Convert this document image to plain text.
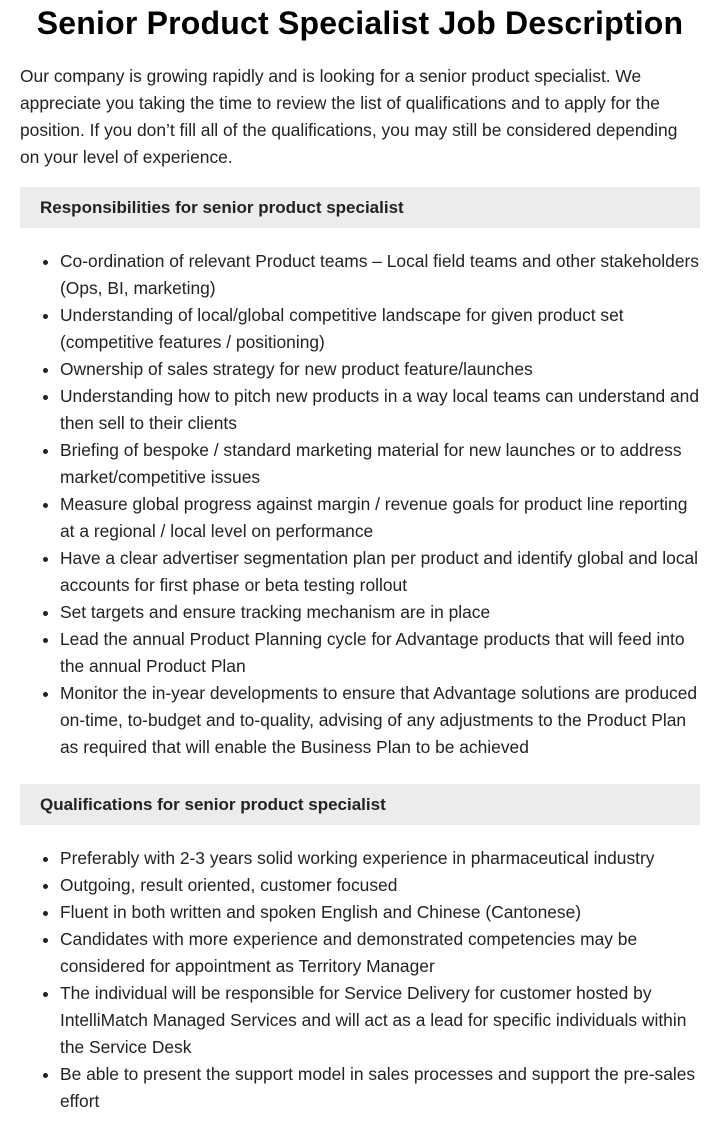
Senior Product Specialist Job Description

Our company is growing rapidly and is looking for a senior product specialist. We appreciate you taking the time to review the list of qualifications and to apply for the position. If you don’t fill all of the qualifications, you may still be considered depending on your level of experience.

Responsibilities for senior product specialist
• Co-ordination of relevant Product teams – Local field teams and other stakeholders (Ops, BI, marketing)
• Understanding of local/global competitive landscape for given product set (competitive features / positioning)
• Ownership of sales strategy for new product feature/launches
• Understanding how to pitch new products in a way local teams can understand and then sell to their clients
• Briefing of bespoke / standard marketing material for new launches or to address market/competitive issues
• Measure global progress against margin / revenue goals for product line reporting at a regional / local level on performance
• Have a clear advertiser segmentation plan per product and identify global and local accounts for first phase or beta testing rollout
• Set targets and ensure tracking mechanism are in place
• Lead the annual Product Planning cycle for Advantage products that will feed into the annual Product Plan
• Monitor the in-year developments to ensure that Advantage solutions are produced on-time, to-budget and to-quality, advising of any adjustments to the Product Plan as required that will enable the Business Plan to be achieved
Qualifications for senior product specialist
• Preferably with 2-3 years solid working experience in pharmaceutical industry
• Outgoing, result oriented, customer focused
• Fluent in both written and spoken English and Chinese (Cantonese)
• Candidates with more experience and demonstrated competencies may be considered for appointment as Territory Manager
• The individual will be responsible for Service Delivery for customer hosted by IntelliMatch Managed Services and will act as a lead for specific individuals within the Service Desk
• Be able to present the support model in sales processes and support the pre-sales effort
